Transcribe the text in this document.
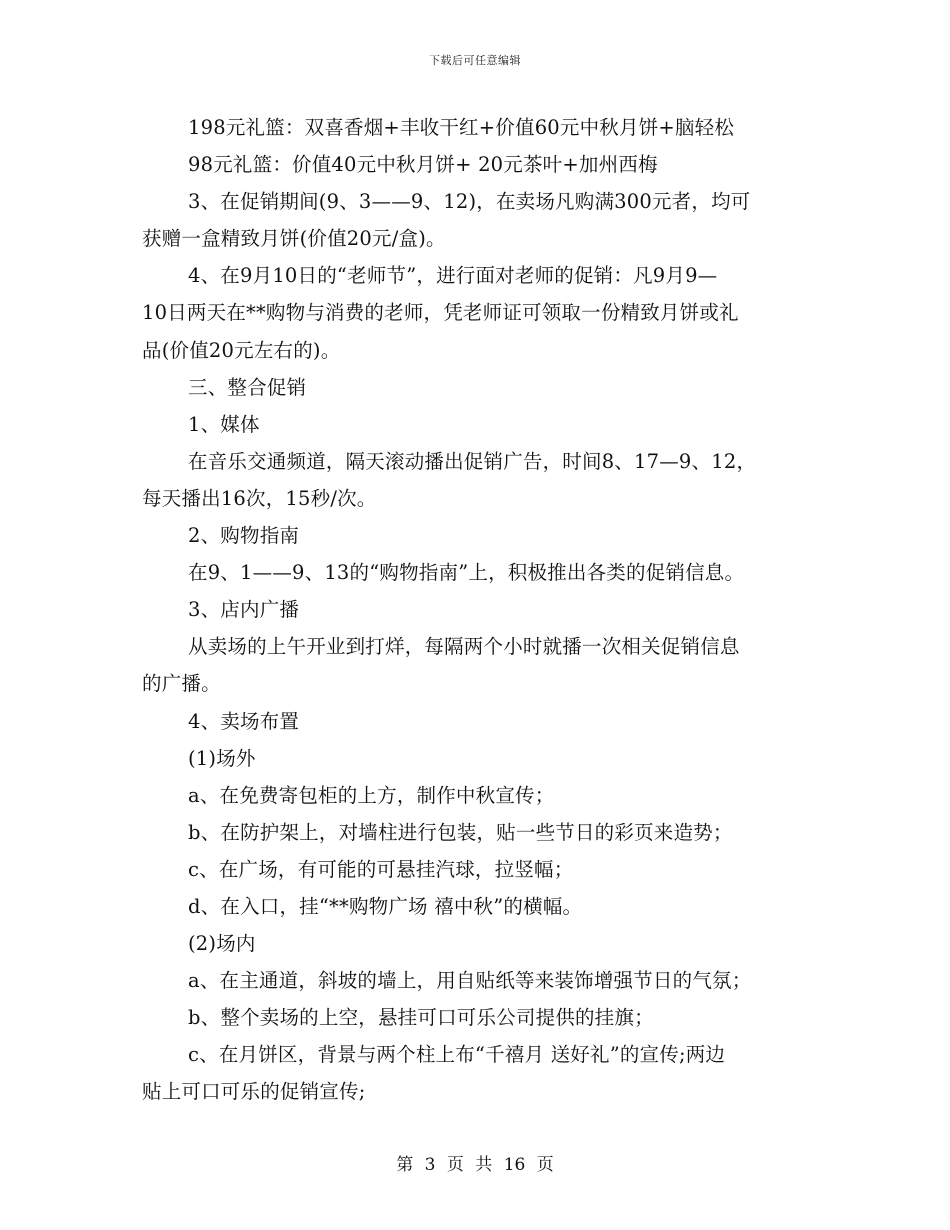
下载后可任意编辑
198元礼篮：双喜香烟+丰收干红+价值60元中秋月饼+脑轻松
98元礼篮：价值40元中秋月饼+ 20元茶叶+加州西梅
3、在促销期间(9、3——9、12)，在卖场凡购满300元者，均可
获赠一盒精致月饼(价值20元/盒)。
4、在9月10日的“老师节”，进行面对老师的促销：凡9月9—
10日两天在**购物与消费的老师，凭老师证可领取一份精致月饼或礼
品(价值20元左右的)。
三、整合促销
1、媒体
在音乐交通频道，隔天滚动播出促销广告，时间8、17—9、12，
每天播出16次，15秒/次。
2、购物指南
在9、1——9、13的“购物指南”上，积极推出各类的促销信息。
3、店内广播
从卖场的上午开业到打烊，每隔两个小时就播一次相关促销信息
的广播。
4、卖场布置
(1)场外
a、在免费寄包柜的上方，制作中秋宣传；
b、在防护架上，对墙柱进行包装，贴一些节日的彩页来造势；
c、在广场，有可能的可悬挂汽球，拉竖幅；
d、在入口，挂“**购物广场 禧中秋”的横幅。
(2)场内
a、在主通道，斜坡的墙上，用自贴纸等来装饰增强节日的气氛；
b、整个卖场的上空，悬挂可口可乐公司提供的挂旗；
c、在月饼区，背景与两个柱上布“千禧月 送好礼”的宣传;两边
贴上可口可乐的促销宣传;
第 3 页 共 16 页
